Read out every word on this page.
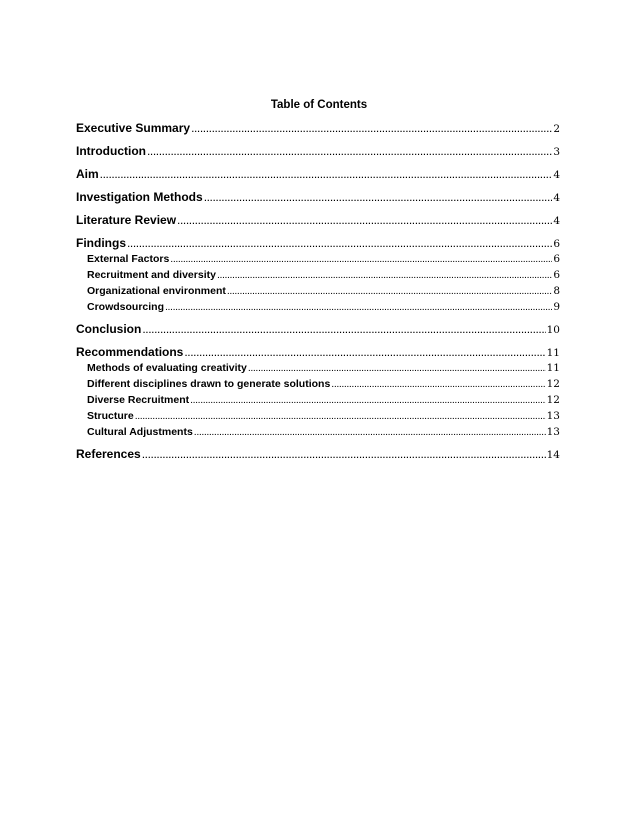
Table of Contents
Executive Summary .....	2
Introduction .....	3
Aim .....	4
Investigation Methods .....	4
Literature Review .....	4
Findings .....	6
External Factors .....	6
Recruitment and diversity .....	6
Organizational environment .....	8
Crowdsourcing .....	9
Conclusion .....	10
Recommendations .....	11
Methods of evaluating creativity .....	11
Different disciplines drawn to generate solutions .....	12
Diverse Recruitment .....	12
Structure .....	13
Cultural Adjustments .....	13
References .....	14
